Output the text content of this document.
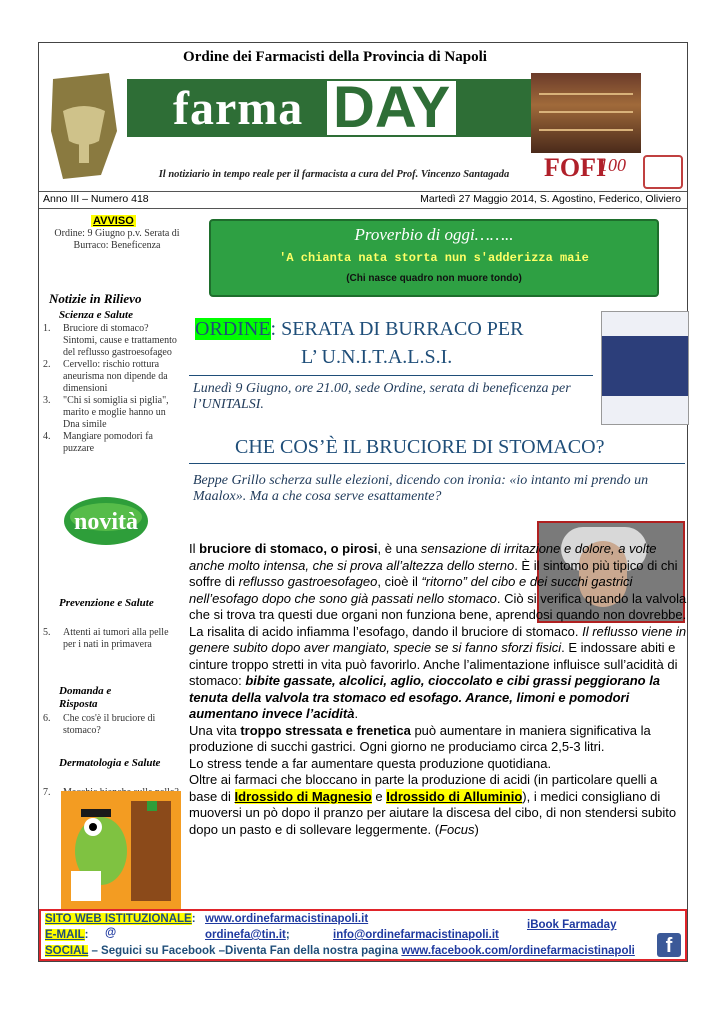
Ordine dei Farmacisti della Provincia di Napoli
farma DAY
Il notiziario in tempo reale per il farmacista a cura del Prof. Vincenzo Santagada	FOFI
100
Anno III – Numero 418	Martedì 27 Maggio 2014, S. Agostino, Federico, Oliviero
AVVISO
Ordine: 9 Giugno p.v. Serata di Burraco: Beneficenza
Notizie in Rilievo
Scienza e Salute
1. Bruciore di stomaco? Sintomi, cause e trattamento del reflusso gastroesofageo
2. Cervello: rischio rottura aneurisma non dipende da dimensioni
3. "Chi si somiglia si piglia", marito e moglie hanno un Dna simile
4. Mangiare pomodori fa puzzare
novità
Prevenzione e Salute
5. Attenti ai tumori alla pelle per i nati in primavera
Domanda e Risposta
6. Che cos'è il bruciore di stomaco?
Dermatologia e Salute
7.
Proverbio di oggi……..
'A chianta nata storta nun s'adderizza maie
(Chi nasce quadro non muore tondo)
ORDINE: SERATA DI BURRACO PER
L’ U.N.I.T.A.L.S.I.
Lunedì 9 Giugno, ore 21.00, sede Ordine, serata di beneficenza per l’UNITALSI.
CHE COS’È IL BRUCIORE DI STOMACO?
Beppe Grillo scherza sulle elezioni, dicendo con ironia: «io intanto mi prendo un Maalox». Ma a che cosa serve esattamente?

Il bruciore di stomaco, o pirosi, è una sensazione di irritazione e dolore, a volte anche molto intensa, che si prova all’altezza dello sterno. È il sintomo più tipico di chi soffre di reflusso gastroesofageo, cioè il “ritorno” del cibo e dei succhi gastrici nell’esofago dopo che sono già passati nello stomaco. Ciò si verifica quando la valvola che si trova tra questi due organi non funziona bene, aprendosi quando non dovrebbe. La risalita di acido infiamma l’esofago, dando il bruciore di stomaco. Il reflusso viene in genere subito dopo aver mangiato, specie se si fanno sforzi fisici. E indossare abiti e cinture troppo stretti in vita può favorirlo. Anche l’alimentazione influisce sull’acidità di stomaco: bibite gassate, alcolici, aglio, cioccolato e cibi grassi peggiorano la tenuta della valvola tra stomaco ed esofago. Arance, limoni e pomodori aumentano invece l’acidità.

Una vita troppo stressata e frenetica può aumentare in maniera significativa la produzione di succhi gastrici. Ogni giorno ne produciamo circa 2,5-3 litri.

Lo stress tende a far aumentare questa produzione quotidiana.

Oltre ai farmaci che bloccano in parte la produzione di acidi (in particolare quelli a base di Idrossido di Magnesio e Idrossido di Alluminio), i medici consigliano di muoversi un pò dopo il pranzo per aiutare la discesa del cibo, di non stendersi subito dopo un pasto e di sollevare leggermente. (Focus)

SITO WEB ISTITUZIONALE: www.ordinefarmacistinapoli.it	iBook Farmaday
E-MAIL: @	ordinefa@tin.it;	info@ordinefarmacistinapoli.it
SOCIAL – Seguici su Facebook –Diventa Fan della nostra pagina www.facebook.com/ordinefarmacistinapoli	f
